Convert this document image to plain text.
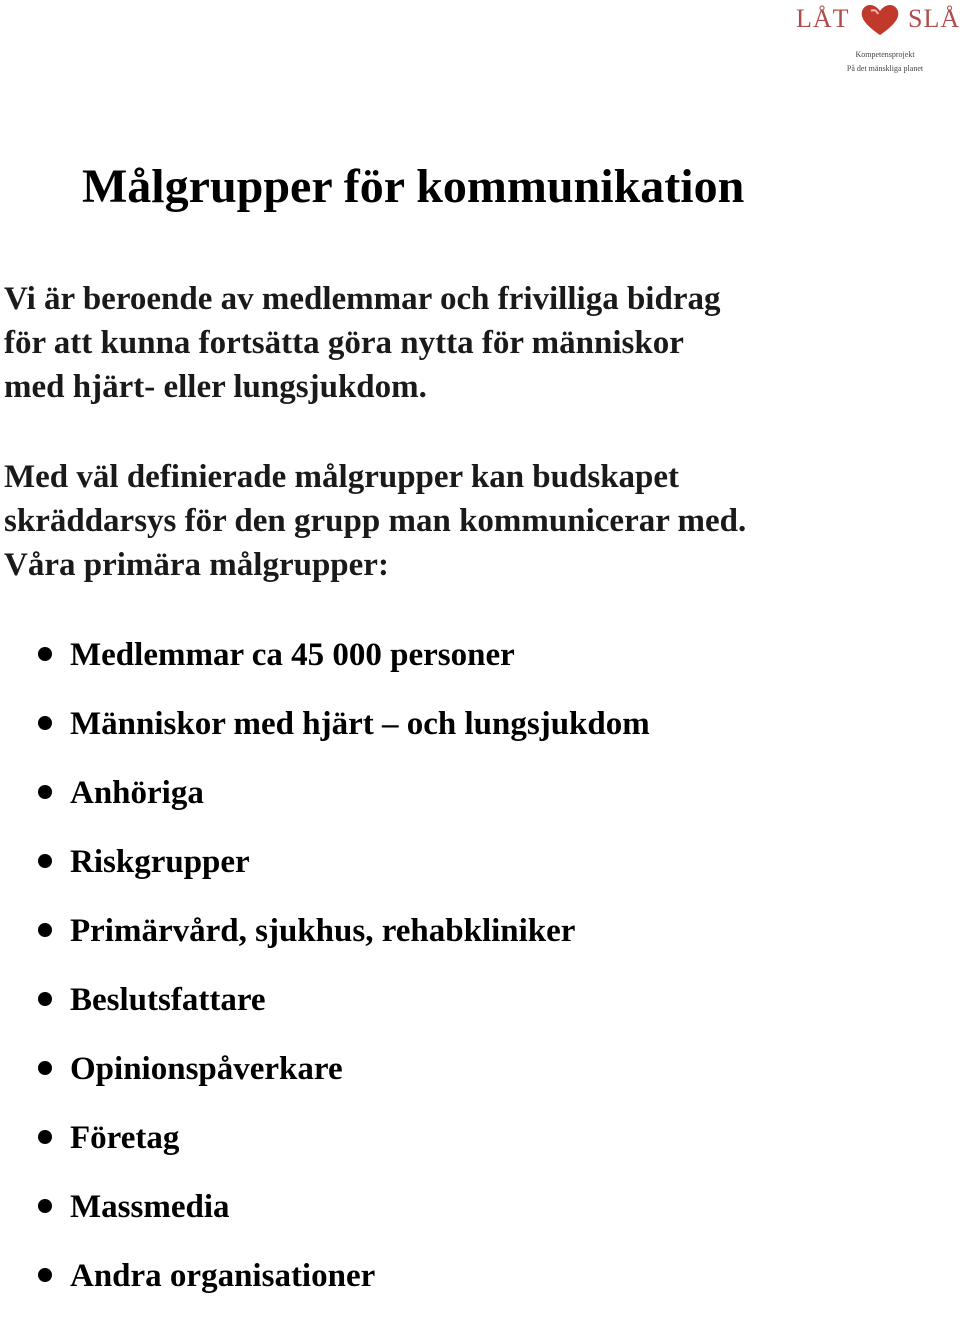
LÅT SLÅ
Kompetensprojekt
På det mänskliga planet
Målgrupper för kommunikation

Vi är beroende av medlemmar och frivilliga bidrag
för att kunna fortsätta göra nytta för människor
med hjärt- eller lungsjukdom.

Med väl definierade målgrupper kan budskapet
skräddarsys för den grupp man kommunicerar med.
Våra primära målgrupper:

Medlemmar ca 45 000 personer
Människor med hjärt – och lungsjukdom
Anhöriga
Riskgrupper
Primärvård, sjukhus, rehabkliniker
Beslutsfattare
Opinionspåverkare
Företag
Massmedia
Andra organisationer
